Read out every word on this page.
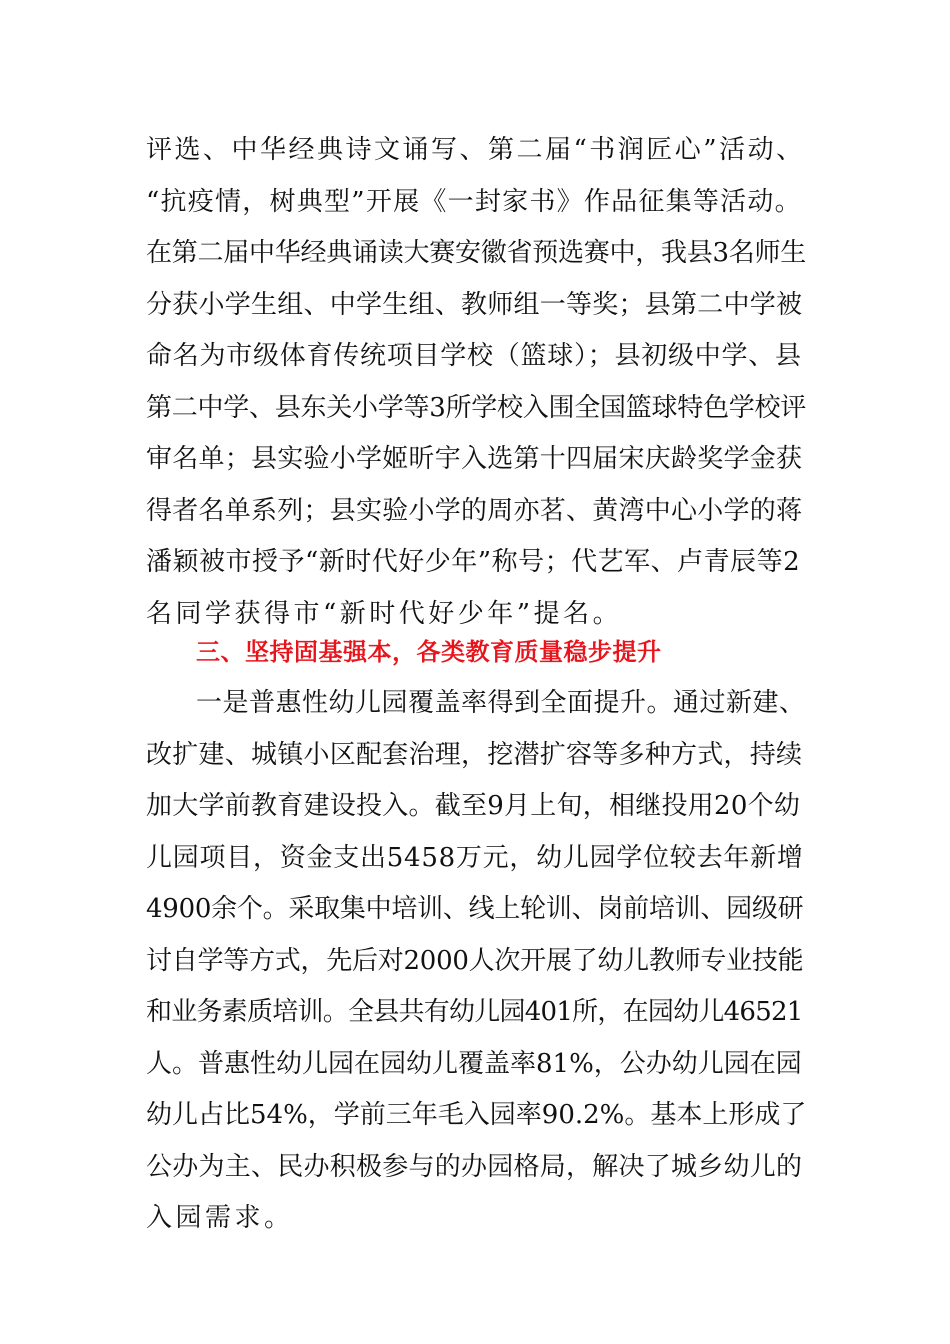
评选、中华经典诗文诵写、第二届“书润匠心”活动、
“抗疫情，树典型”开展《一封家书》作品征集等活动。
在第二届中华经典诵读大赛安徽省预选赛中，我县3名师生
分获小学生组、中学生组、教师组一等奖；县第二中学被
命名为市级体育传统项目学校（篮球）；县初级中学、县
第二中学、县东关小学等3所学校入围全国篮球特色学校评
审名单；县实验小学姬昕宇入选第十四届宋庆龄奖学金获
得者名单系列；县实验小学的周亦茗、黄湾中心小学的蒋
潘颖被市授予“新时代好少年”称号；代艺军、卢青辰等2
名同学获得市“新时代好少年”提名。
三、坚持固基强本，各类教育质量稳步提升
一是普惠性幼儿园覆盖率得到全面提升。通过新建、
改扩建、城镇小区配套治理，挖潜扩容等多种方式，持续
加大学前教育建设投入。截至9月上旬，相继投用20个幼
儿园项目，资金支出5458万元，幼儿园学位较去年新增
4900余个。采取集中培训、线上轮训、岗前培训、园级研
讨自学等方式，先后对2000人次开展了幼儿教师专业技能
和业务素质培训。全县共有幼儿园401所，在园幼儿46521
人。普惠性幼儿园在园幼儿覆盖率81%，公办幼儿园在园
幼儿占比54%，学前三年毛入园率90.2%。基本上形成了
公办为主、民办积极参与的办园格局，解决了城乡幼儿的
入园需求。
